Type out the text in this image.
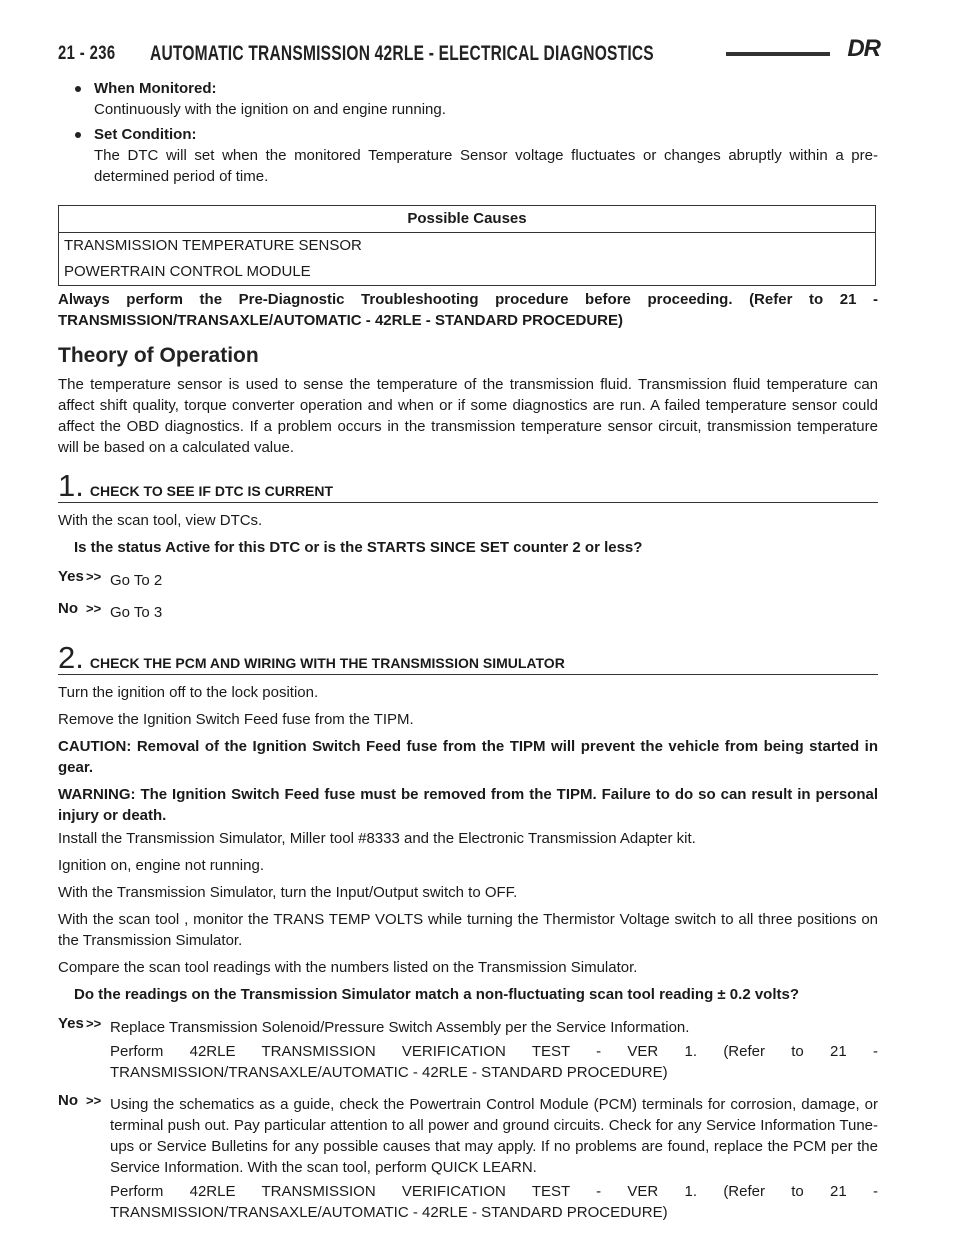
21 - 236 AUTOMATIC TRANSMISSION 42RLE - ELECTRICAL DIAGNOSTICS	DR
When Monitored:

Continuously with the ignition on and engine running.

Set Condition:

The DTC will set when the monitored Temperature Sensor voltage fluctuates or changes abruptly within a pre-determined period of time.

Possible Causes
TRANSMISSION TEMPERATURE SENSOR
POWERTRAIN CONTROL MODULE

Always perform the Pre-Diagnostic Troubleshooting procedure before proceeding. (Refer to 21 - TRANSMISSION/TRANSAXLE/AUTOMATIC - 42RLE - STANDARD PROCEDURE)

Theory of Operation

The temperature sensor is used to sense the temperature of the transmission fluid. Transmission fluid temperature can affect shift quality, torque converter operation and when or if some diagnostics are run. A failed temperature sensor could affect the OBD diagnostics. If a problem occurs in the transmission temperature sensor circuit, transmission temperature will be based on a calculated value.

1. CHECK TO SEE IF DTC IS CURRENT

With the scan tool, view DTCs.

Is the status Active for this DTC or is the STARTS SINCE SET counter 2 or less?

Yes >> Go To 2

No >> Go To 3

2. CHECK THE PCM AND WIRING WITH THE TRANSMISSION SIMULATOR

Turn the ignition off to the lock position.

Remove the Ignition Switch Feed fuse from the TIPM.

CAUTION: Removal of the Ignition Switch Feed fuse from the TIPM will prevent the vehicle from being started in gear.

WARNING: The Ignition Switch Feed fuse must be removed from the TIPM. Failure to do so can result in personal injury or death.

Install the Transmission Simulator, Miller tool #8333 and the Electronic Transmission Adapter kit.

Ignition on, engine not running.

With the Transmission Simulator, turn the Input/Output switch to OFF.

With the scan tool , monitor the TRANS TEMP VOLTS while turning the Thermistor Voltage switch to all three positions on the Transmission Simulator.

Compare the scan tool readings with the numbers listed on the Transmission Simulator.

Do the readings on the Transmission Simulator match a non-fluctuating scan tool reading ± 0.2 volts?

Yes >> Replace Transmission Solenoid/Pressure Switch Assembly per the Service Information.

Perform 42RLE TRANSMISSION VERIFICATION TEST - VER 1. (Refer to 21 - TRANSMISSION/TRANSAXLE/AUTOMATIC - 42RLE - STANDARD PROCEDURE)

No >> Using the schematics as a guide, check the Powertrain Control Module (PCM) terminals for corrosion, damage, or terminal push out. Pay particular attention to all power and ground circuits. Check for any Service Information Tune-ups or Service Bulletins for any possible causes that may apply. If no problems are found, replace the PCM per the Service Information. With the scan tool, perform QUICK LEARN.

Perform 42RLE TRANSMISSION VERIFICATION TEST - VER 1. (Refer to 21 - TRANSMISSION/TRANSAXLE/AUTOMATIC - 42RLE - STANDARD PROCEDURE)
